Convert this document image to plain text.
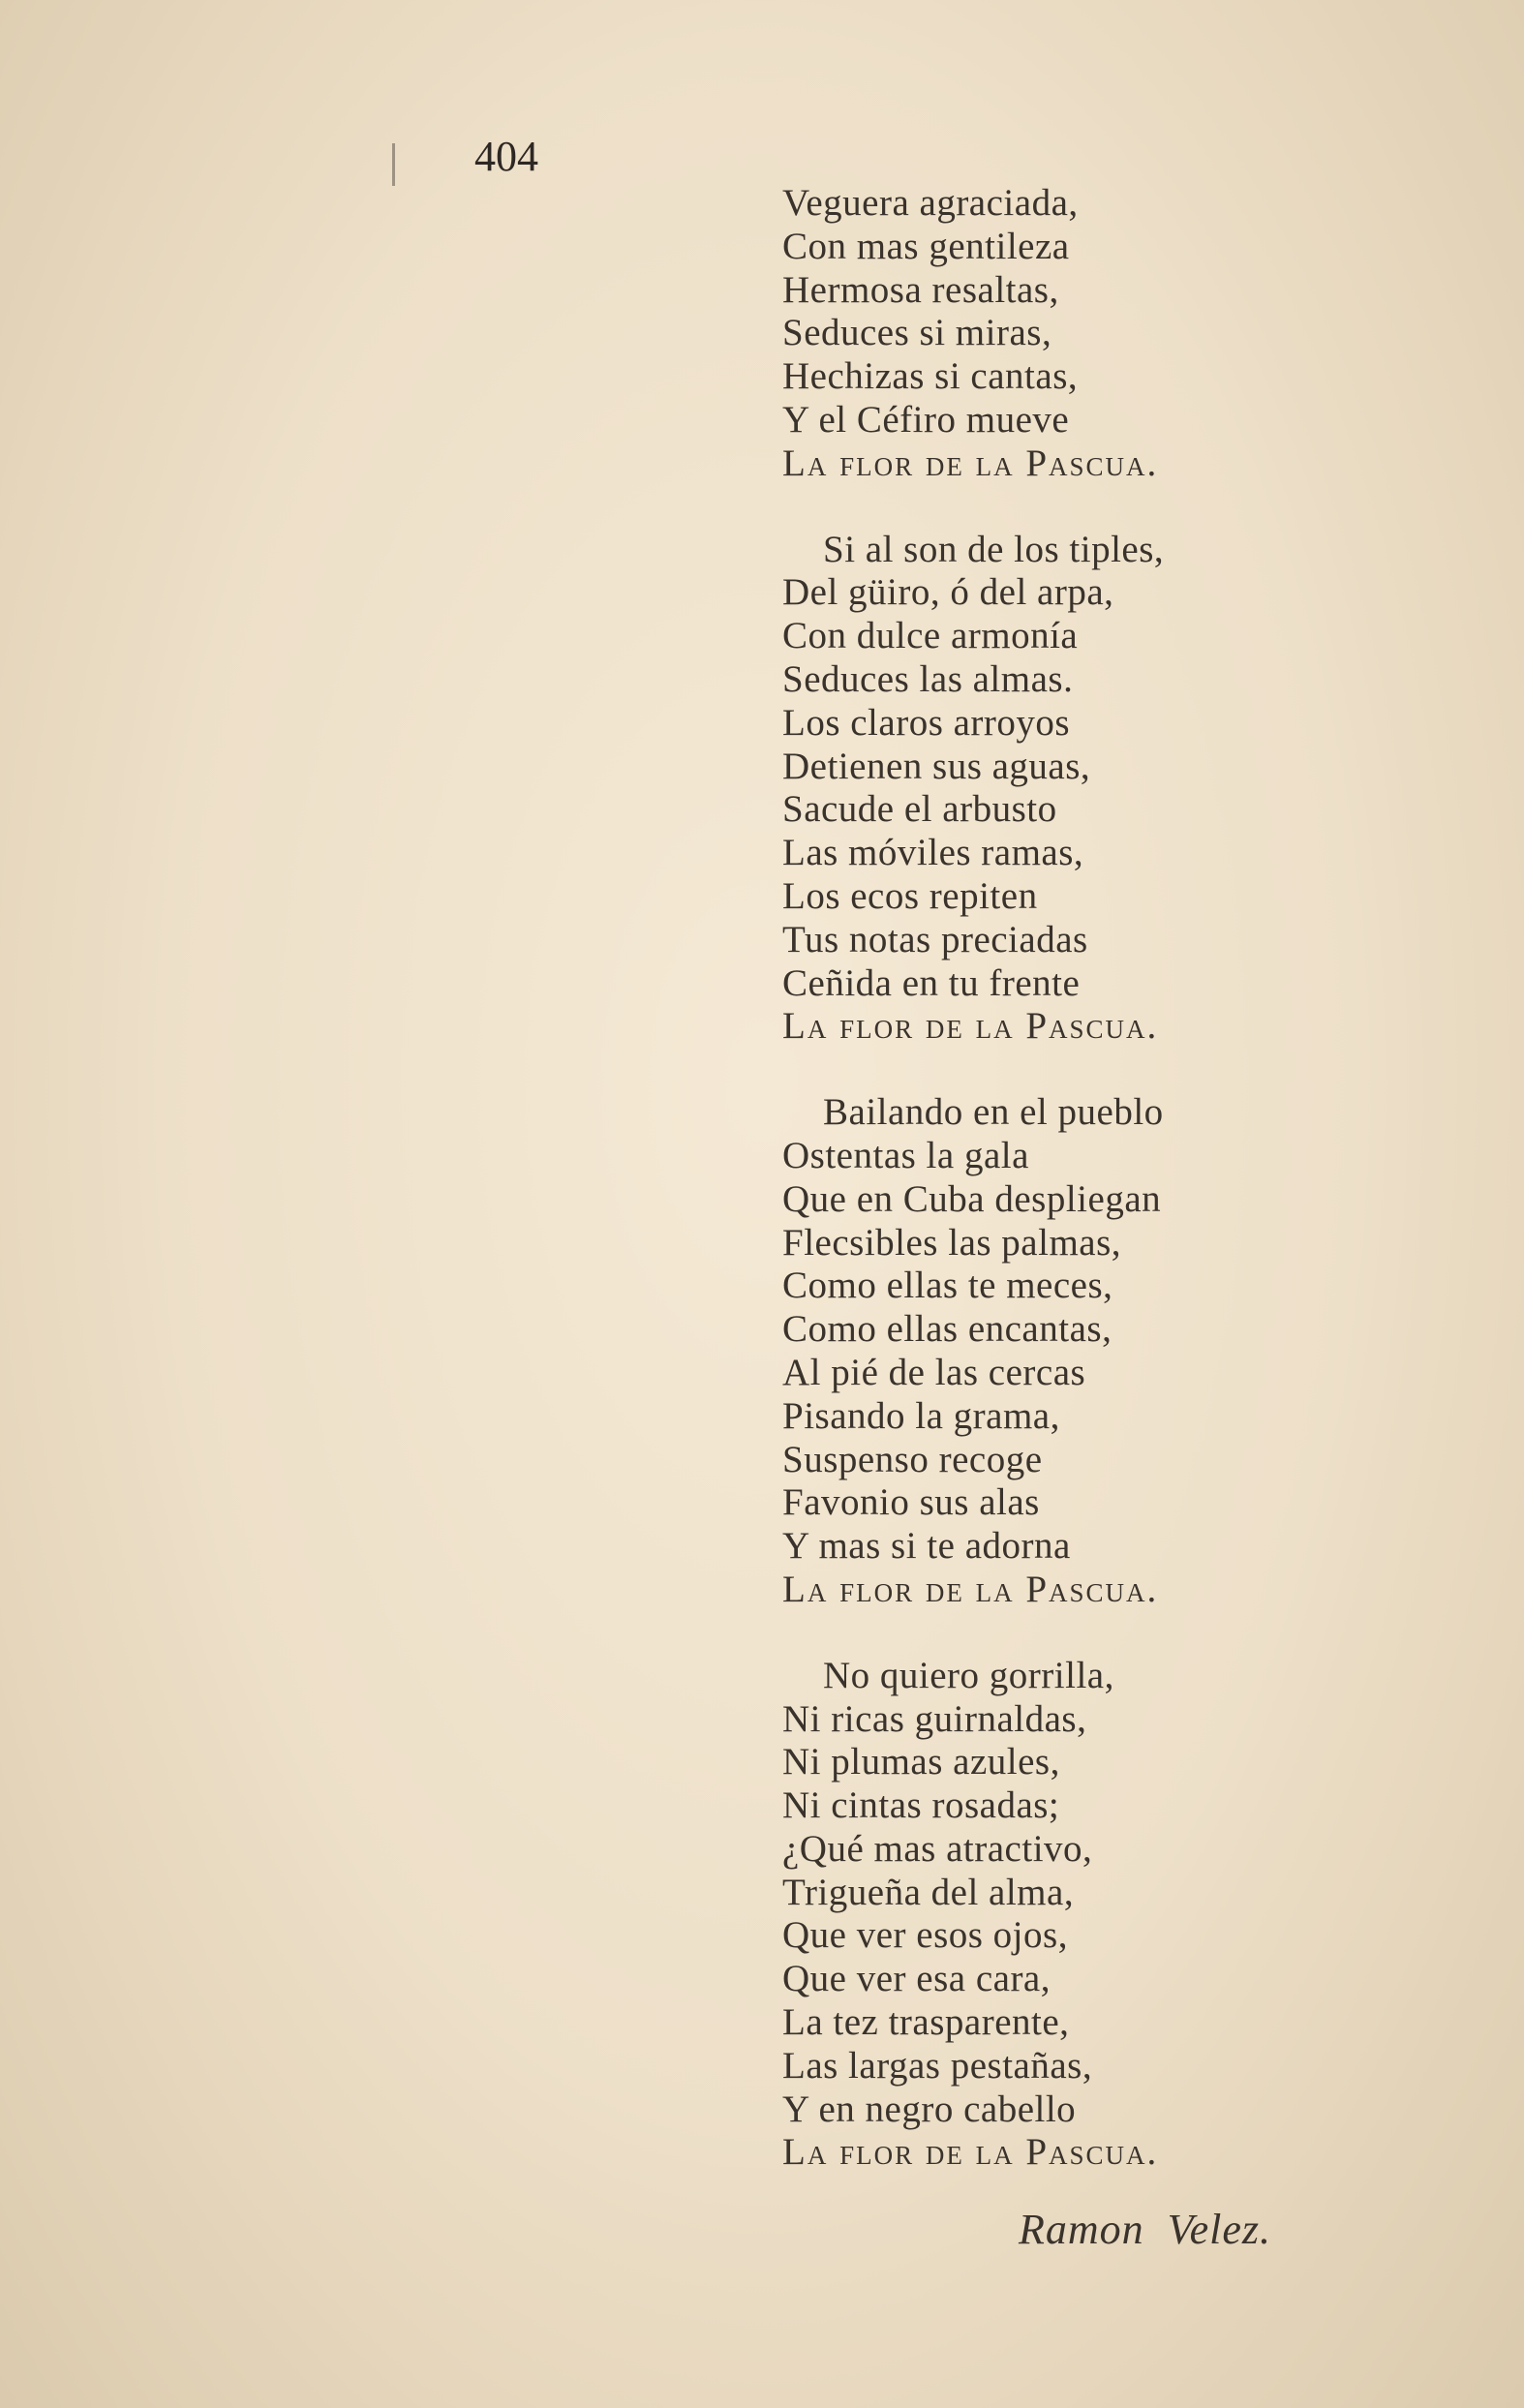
404
Veguera agraciada,
Con mas gentileza
Hermosa resaltas,
Seduces si miras,
Hechizas si cantas,
Y el Céfiro mueve
La flor de la Pascua.
Si al son de los tiples,
Del güiro, ó del arpa,
Con dulce armonía
Seduces las almas.
Los claros arroyos
Detienen sus aguas,
Sacude el arbusto
Las móviles ramas,
Los ecos repiten
Tus notas preciadas
Ceñida en tu frente
La flor de la Pascua.
Bailando en el pueblo
Ostentas la gala
Que en Cuba despliegan
Flecsibles las palmas,
Como ellas te meces,
Como ellas encantas,
Al pié de las cercas
Pisando la grama,
Suspenso recoge
Favonio sus alas
Y mas si te adorna
La flor de la Pascua.
No quiero gorrilla,
Ni ricas guirnaldas,
Ni plumas azules,
Ni cintas rosadas;
¿Qué mas atractivo,
Trigueña del alma,
Que ver esos ojos,
Que ver esa cara,
La tez trasparente,
Las largas pestañas,
Y en negro cabello
La flor de la Pascua.
Ramon  Velez.
